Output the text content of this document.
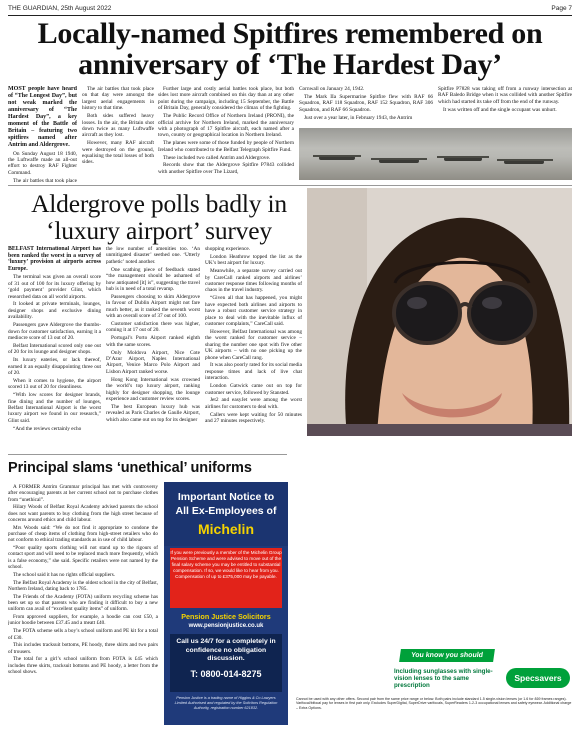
THE GUARDIAN, 25th August 2022	Page 7
Locally-named Spitfires remembered on anniversary of ‘The Hardest Day’

MOST people have heard of “The Longest Day”, but not weak marked the anniversary of “The Hardest Day”, a key moment of the Battle of Britain – featuring two spitfires named after Antrim and Aldergrove.

On Sunday August 18 1940, the Luftwaffe made an all-out effort to destroy RAF Fighter Command.

The air battles that took place

The air battles that took place on that day were amongst the largest aerial engagements in history to that time.

Both sides suffered heavy losses. In the air, the Britain shot down twice as many Luftwaffe aircraft as they lost.

However, many RAF aircraft were destroyed on the ground, equalising the total losses of both sides.

Further large and costly aerial battles took place, but both sides lost more aircraft combined on this day than at any other point during the campaign, including 15 September, the Battle of Britain Day, generally considered the climax of the fighting.

The Public Record Office of Northern Ireland (PRONI), the official archive for Northern Ireland, marked the anniversary with a photograph of 17 Spitfire aircraft, each named after a town, county or geographical location in Northern Ireland.

The planes were some of those funded by people of Northern Ireland who contributed to the Belfast Telegraph Spitfire Fund.

These included two called Antrim and Aldergrove.

Records show that the Aldergrove Spitfire P7843 collided with another Spitfire over The Lizard,

Cornwall on January 24, 1942.

The Mark IIa Supermarine Spitfire flew with RAF 66 Squadron, RAF 118 Squadron, RAF 152 Squadron, RAF 306 Squadron, and RAF 66 Squadron.

Just over a year later, in February 1943, the Antrim

Spitfire P7828 was taking off from a runway intersection at RAF Baledo Bridge when it was collided with another Spitfire which had started its take off from the end of the runway.

It was written off and the single occupant was unhurt.

Aldergrove polls badly in ‘luxury airport’ survey

BELFAST International Airport has been ranked the worst in a survey of ‘luxury’ provision at airports across Europe.

The terminal was given an overall score of 31 out of 100 for its luxury offering by ‘gold payment’ provider Glint, which researched data on all world airports.

It looked at private terminals, lounges, designer shops and exclusive dining availability.

Passengers gave Aldergrove the thumbs-down for customer satisfaction, earning it a mediocre score of 13 out of 20.

Belfast International scored only one out of 20 for its lounge and designer shops.

Its luxury eateries, or lack thereof, earned it an equally disappointing three out of 20.

When it comes to hygiene, the airport scored 13 out of 20 for cleanliness.

“With low scores for designer brands, fine dining and the number of lounges, Belfast International Airport is the worst luxury airport we found in our research,” Glint said.

“And the reviews certainly echo

the low number of amenities too. ‘An unmitigated disaster’ seethed one. ‘Utterly pathetic’ noted another.

One scathing piece of feedback stated “the management should be ashamed of how antiquated [it] is”, suggesting the travel hub is in need of a total revamp.

Passengers choosing to skim Aldergrove in favour of Dublin Airport might not fare much better, as it ranked the seventh worst with an overall score of 37 out of 100.

Customer satisfaction there was higher, coming it at 17 out of 20.

Portugal’s Porto Airport ranked eighth with the same scores.

Only Moldova Airport, Nice Cote D’Azur Airport, Naples International Airport, Venice Marco Polo Airport and Lisbon Airport ranked worse.

Hong Kong International was crowned the world’s top luxury airport, ranking highly for designer shopping, the lounge experience and customer review scores.

The best European luxury hub was revealed as Paris Charles de Gaulle Airport, which also came out on top for its designer

shopping experience.

London Heathrow topped the list as the UK’s best airport for luxury.

Meanwhile, a separate survey carried out by CareCall ranked airports and airlines’ customer response times following months of chaos in the travel industry.

“Given all that has happened, you might have expected both airlines and airports to have a robust customer service strategy in place to deal with the inevitable influx of customer complaints,” CareCall said.

However, Belfast International was among the worst ranked for customer service – sharing the number one spot with five other UK airports – with no one picking up the phone when CareCall rang.

It was also poorly rated for its social media response times and lack of live chat interaction.

London Gatwick came out on top for customer service, followed by Stansted.

Jet2 and easyJet were among the worst airlines for customers to deal with.

Callers were kept waiting for 50 minutes and 27 minutes respectively.

2 for 1
from £69
You know you should
Including sunglasses with single-vision lenses to the same prescription
Specsavers
Cannot be used with any other offers. Second pair from the same price range or below. Both pairs include standard 1.5 single-vision lenses (or 1.6 for £69 frames ranges). Varifocal/bifocal pay for lenses in first pair only. Excludes SuperDigital, SuperDrive varifocals, SuperReaders 1-2-3 occupational lenses and safety eyewear. Additional charge – Extra Options.
Principal slams ‘unethical’ uniforms

A FORMER Antrim Grammar principal has met with controversy after encouraging parents at her current school not to purchase clothes from “unethical”.

Hilary Woods of Belfast Royal Academy advised parents the school does not want parents to buy clothing from the high street because of concerns around ethics and child labour.

Mrs Woods said: “We do not find it appropriate to condone the purchase of cheap items of clothing from high-street retailers who do not conform to ethical trading standards as in use of child labour.

“Poor quality sports clothing will not stand up to the rigours of contact sport and will need to be replaced much more frequently, which is a false economy,” she said. Specific retailers were not named by the school.

The school said it has no rights official suppliers.

The Belfast Royal Academy is the oldest school in the city of Belfast, Northern Ireland, dating back to 1785.

The Friends of the Academy (FOTA) uniform recycling scheme has been set up so that parents who are finding it difficult to buy a new uniform can avail of “excellent quality items” of uniform.

From approved suppliers, for example, a hoodie can cost £50, a junior hoodie between £37.45 and a meatt £40.

The FOTA scheme sells a boy’s school uniform and PE kit for a total of £30.

This includes tracksuit bottoms, PE hoody, three shirts and two pairs of trousers.

The total for a girl’s school uniform from FOTA is £45 which includes three skirts, tracksuit bottoms and PE hoody, a letter from the school shows.

Important Notice to
All Ex-Employees of
Michelin
If you were previously a member of the Michelin Group Pension Scheme and were advised to move out of the final salary scheme you may be entitled to substantial compensation. If so, we would like to hear from you. Compensation of up to £375,000 may be payable.
Pension Justice Solicitors
www.pensionjustice.co.uk
Call us 24/7 for a completely in confidence no obligation discussion.
T: 0800-014-8275
Pension Justice is a trading name of Higgins & Co Lawyers Limited Authorised and regulated by the Solicitors Regulation Authority, registration number 621832.
